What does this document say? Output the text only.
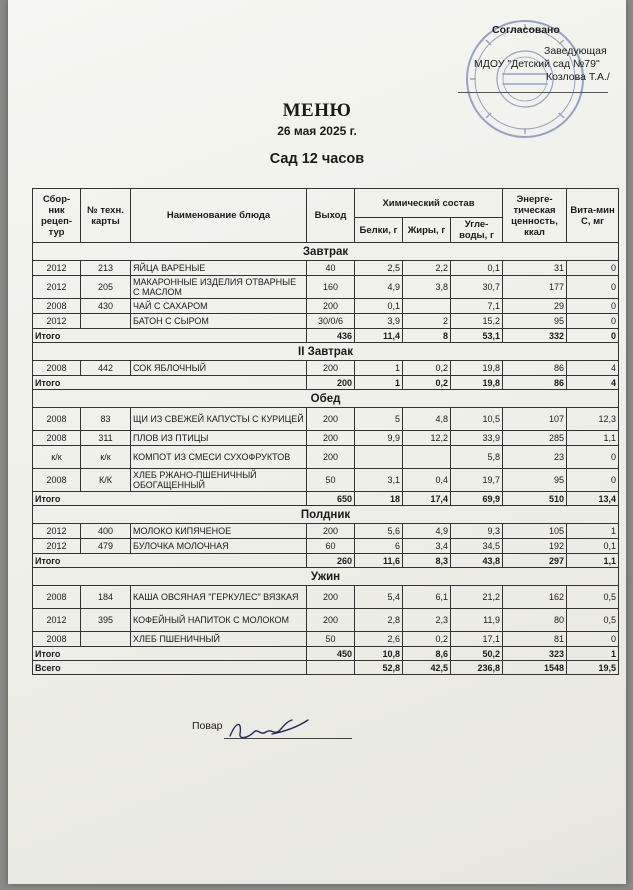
Согласовано
Заведующая
МДОУ "Детский сад №79"
Козлова Т.А./
МЕНЮ
26 мая 2025 г.
Сад 12 часов
Сбор-ник рецеп-тур	№ техн. карты	Наименование блюда	Выход	Химический состав			Энерге-тическая ценность, ккал	Вита-мин С, мг
				Белки, г	Жиры, г	Угле-воды, г		
Завтрак								
2012	213	ЯЙЦА ВАРЕНЫЕ	40	2,5	2,2	0,1	31	0
2012	205	МАКАРОННЫЕ ИЗДЕЛИЯ ОТВАРНЫЕ С МАСЛОМ	160	4,9	3,8	30,7	177	0
2008	430	ЧАЙ С САХАРОМ	200	0,1		7,1	29	0
2012		БАТОН С СЫРОМ	30/0/6	3,9	2	15,2	95	0
Итого			436	11,4	8	53,1	332	0
II Завтрак								
2008	442	СОК ЯБЛОЧНЫЙ	200	1	0,2	19,8	86	4
Итого			200	1	0,2	19,8	86	4
Обед								
2008	83	ЩИ ИЗ СВЕЖЕЙ КАПУСТЫ С КУРИЦЕЙ	200	5	4,8	10,5	107	12,3
2008	311	ПЛОВ ИЗ ПТИЦЫ	200	9,9	12,2	33,9	285	1,1
к/к	к/к	КОМПОТ ИЗ СМЕСИ СУХОФРУКТОВ	200			5,8	23	0
2008	К/К	ХЛЕБ РЖАНО-ПШЕНИЧНЫЙ ОБОГАЩЕННЫЙ	50	3,1	0,4	19,7	95	0
Итого			650	18	17,4	69,9	510	13,4
Полдник								
2012	400	МОЛОКО КИПЯЧЕНОЕ	200	5,6	4,9	9,3	105	1
2012	479	БУЛОЧКА МОЛОЧНАЯ	60	6	3,4	34,5	192	0,1
Итого			260	11,6	8,3	43,8	297	1,1
Ужин								
2008	184	КАША ОВСЯНАЯ "ГЕРКУЛЕС" ВЯЗКАЯ	200	5,4	6,1	21,2	162	0,5
2012	395	КОФЕЙНЫЙ НАПИТОК С МОЛОКОМ	200	2,8	2,3	11,9	80	0,5
2008		ХЛЕБ ПШЕНИЧНЫЙ	50	2,6	0,2	17,1	81	0
Итого			450	10,8	8,6	50,2	323	1
Всего				52,8	42,5	236,8	1548	19,5
Повар
